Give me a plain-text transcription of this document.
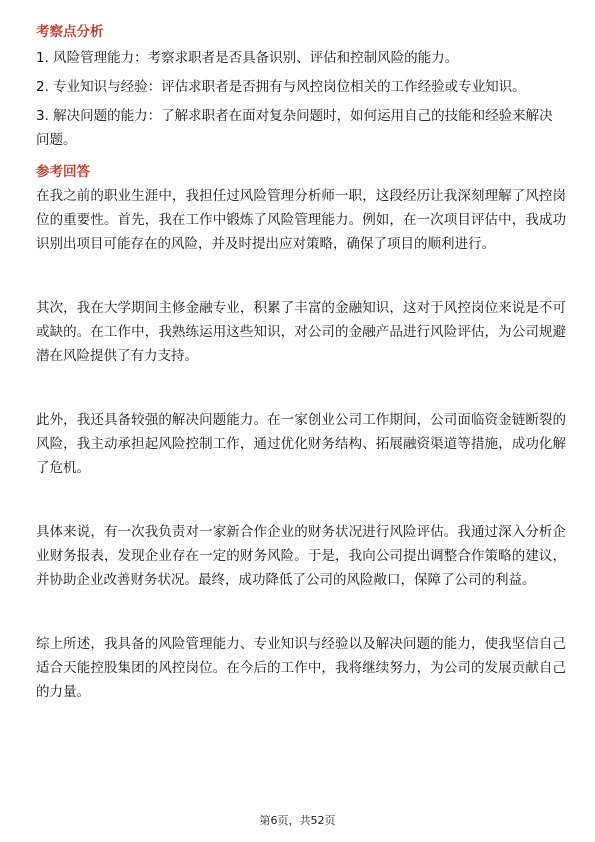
考察点分析
1. 风险管理能力：考察求职者是否具备识别、评估和控制风险的能力。
2. 专业知识与经验：评估求职者是否拥有与风控岗位相关的工作经验或专业知识。
3. 解决问题的能力：了解求职者在面对复杂问题时，如何运用自己的技能和经验来解决问题。
参考回答

在我之前的职业生涯中，我担任过风险管理分析师一职，这段经历让我深刻理解了风控岗位的重要性。首先，我在工作中锻炼了风险管理能力。例如，在一次项目评估中，我成功识别出项目可能存在的风险，并及时提出应对策略，确保了项目的顺利进行。

其次，我在大学期间主修金融专业，积累了丰富的金融知识，这对于风控岗位来说是不可或缺的。在工作中，我熟练运用这些知识，对公司的金融产品进行风险评估，为公司规避潜在风险提供了有力支持。

此外，我还具备较强的解决问题能力。在一家创业公司工作期间，公司面临资金链断裂的风险，我主动承担起风险控制工作，通过优化财务结构、拓展融资渠道等措施，成功化解了危机。

具体来说，有一次我负责对一家新合作企业的财务状况进行风险评估。我通过深入分析企业财务报表，发现企业存在一定的财务风险。于是，我向公司提出调整合作策略的建议，并协助企业改善财务状况。最终，成功降低了公司的风险敞口，保障了公司的利益。

综上所述，我具备的风险管理能力、专业知识与经验以及解决问题的能力，使我坚信自己适合天能控股集团的风控岗位。在今后的工作中，我将继续努力，为公司的发展贡献自己的力量。

第6页，共52页
